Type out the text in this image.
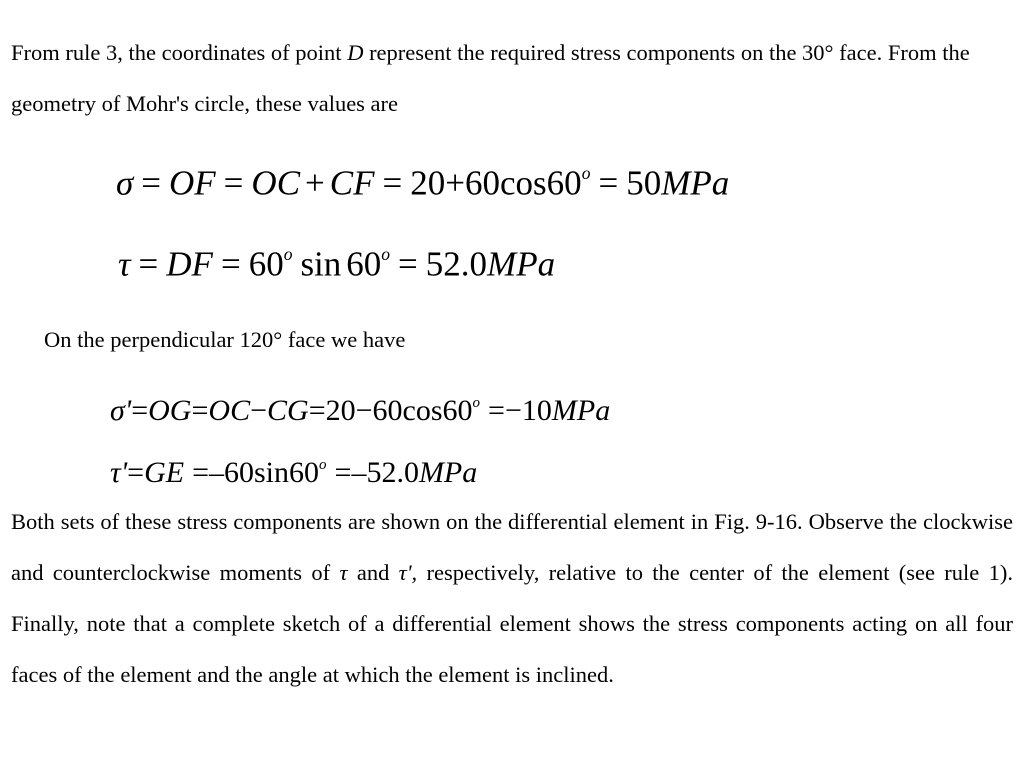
From rule 3, the coordinates of point D represent the required stress components on the 30° face. From the geometry of Mohr's circle, these values are

σ = OF = OC + CF = $20+60\cos 60^o = 50MPa$
τ = DF = $60^o$ $\sin 60^o = 52.0MPa$

On the perpendicular 120° face we have

$\sigma'=OG=OC-CG=20-60\cos 60^o =-10MPa$
$\tau'=GE =-60\sin 60^o =-52.0MPa$

Both sets of these stress components are shown on the differential element in Fig. 9-16. Observe the clockwise and counterclockwise moments of τ and τ', respectively, relative to the center of the element (see rule 1). Finally, note that a complete sketch of a differential element shows the stress components acting on all four faces of the element and the angle at which the element is inclined.
